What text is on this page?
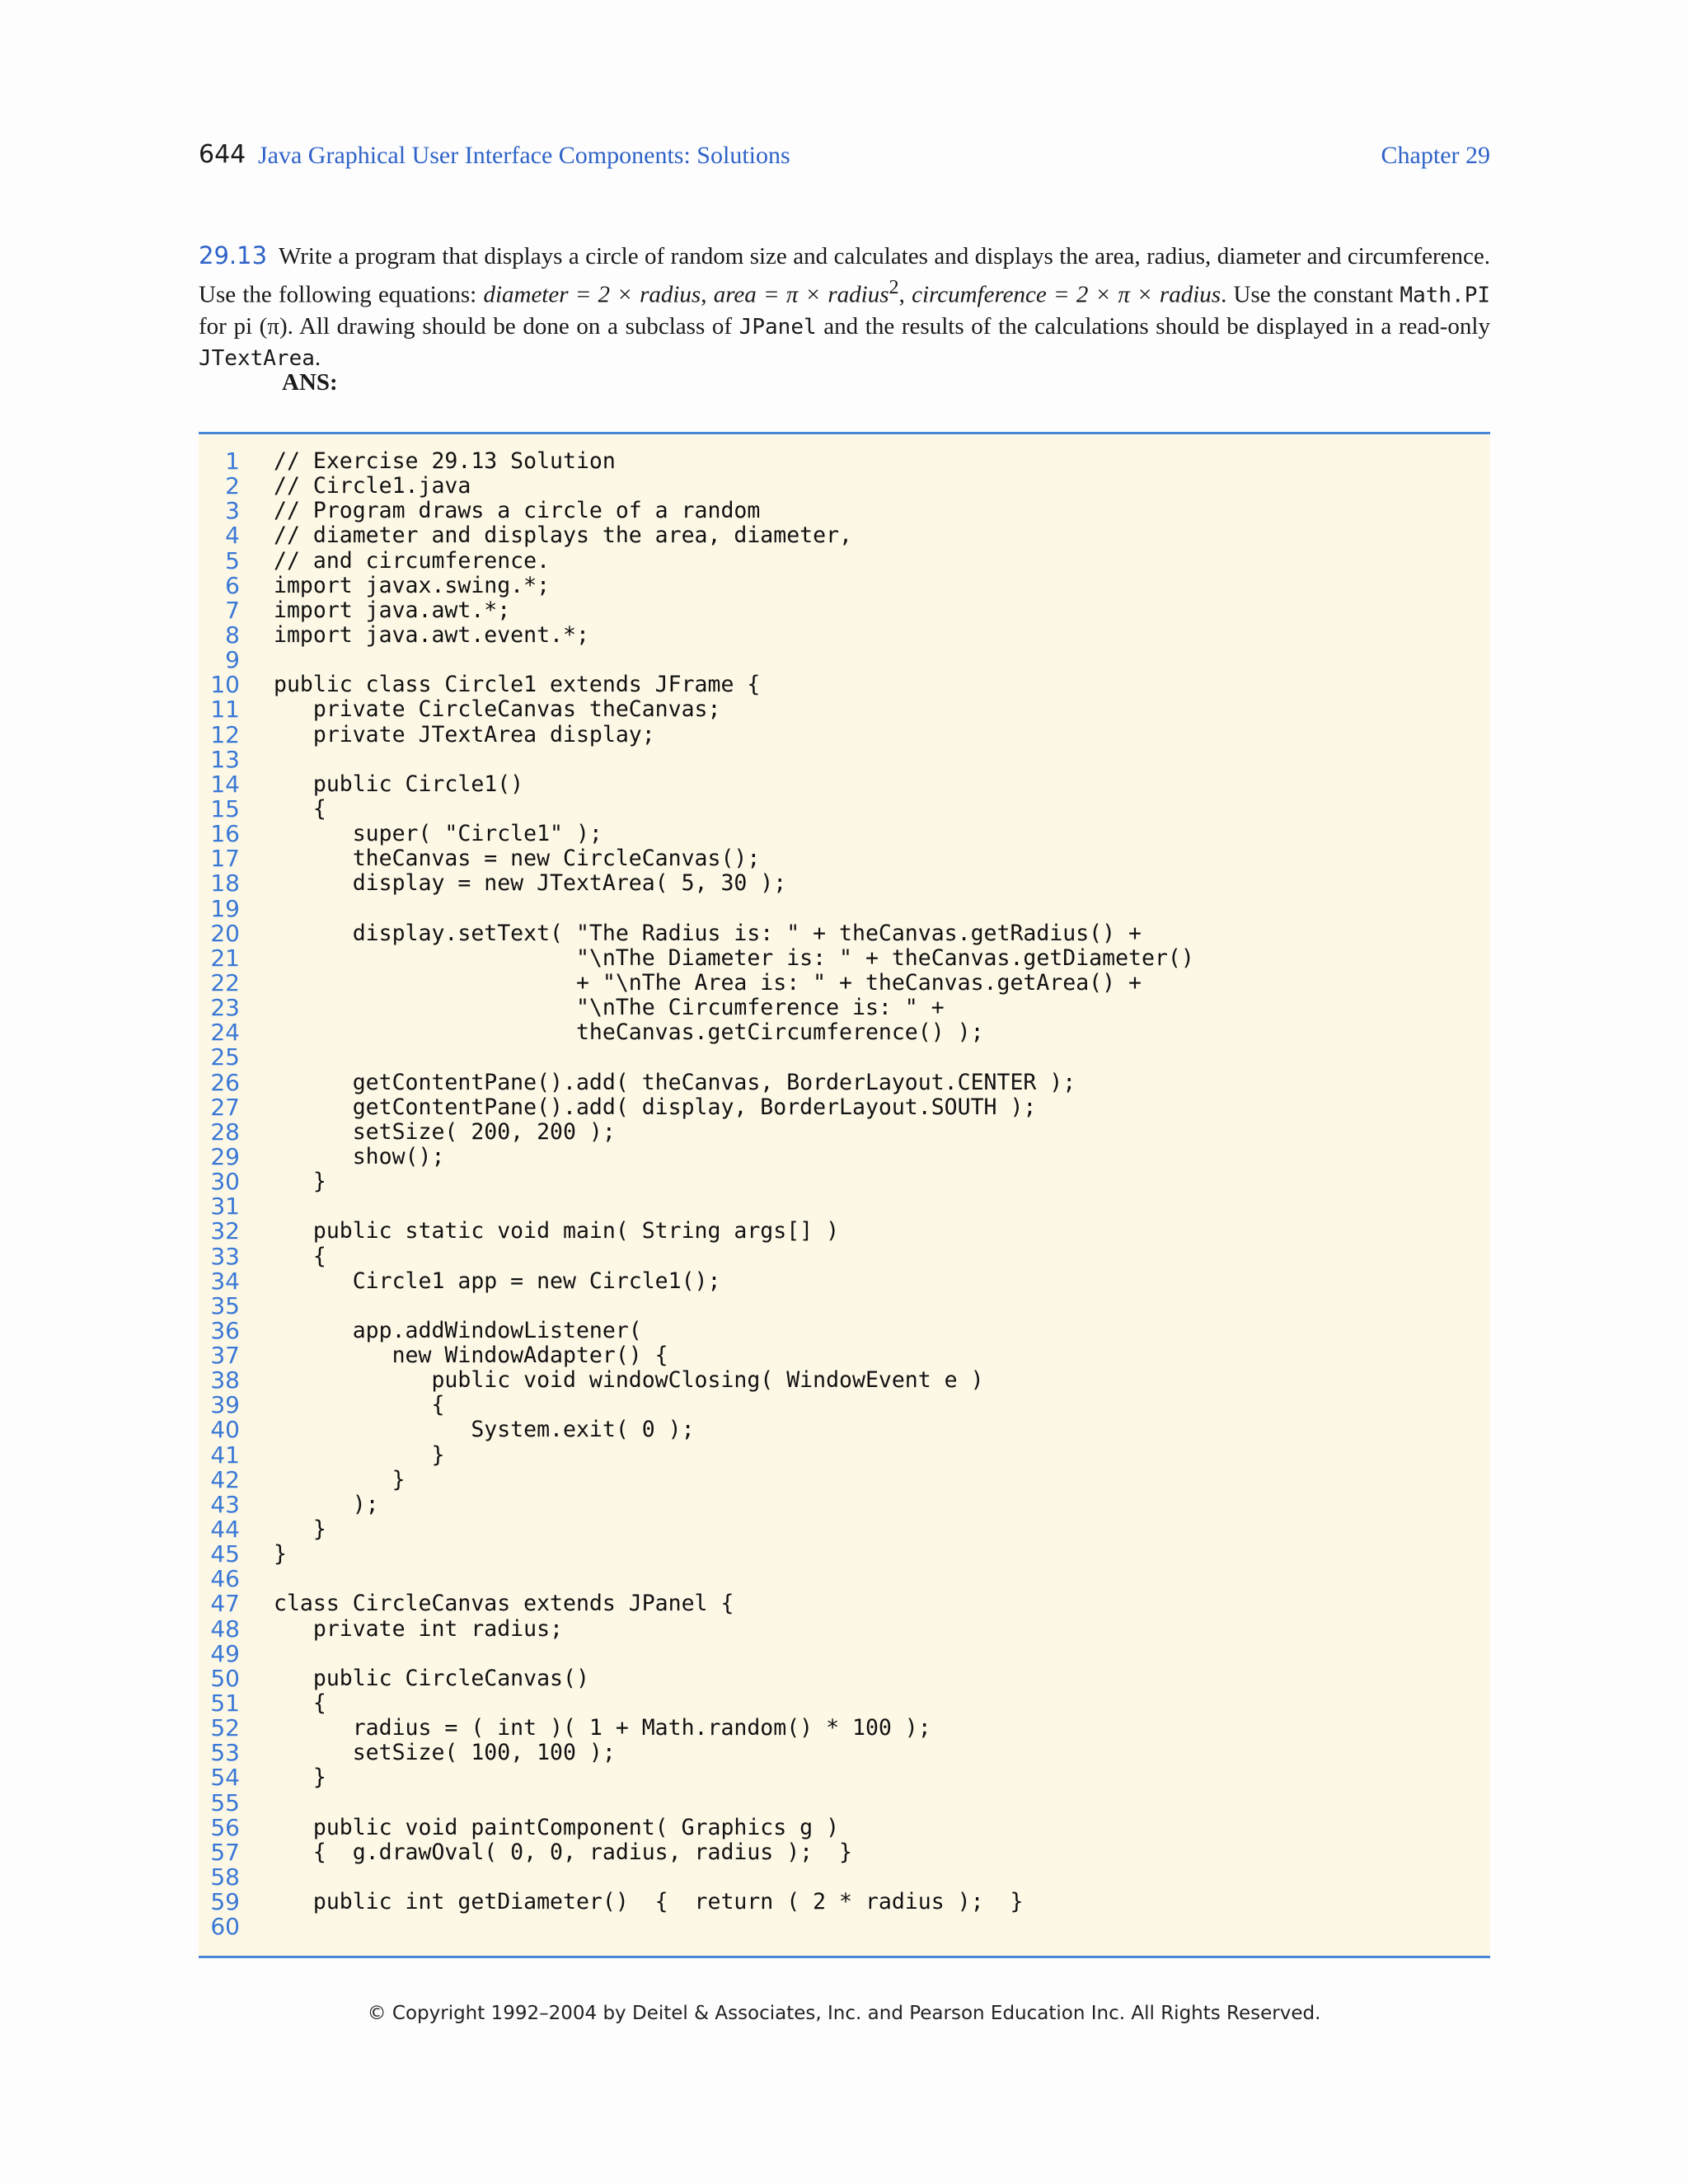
644 Java Graphical User Interface Components: Solutions	Chapter 29
29.13 Write a program that displays a circle of random size and calculates and displays the area, radius, diameter and circumference. Use the following equations: diameter = 2 × radius, area = π × radius$^2$, circumference = 2 × π × radius. Use the constant Math.PI for pi (π). All drawing should be done on a subclass of JPanel and the results of the calculations should be displayed in a read-only JTextArea.
ANS:
1 // Exercise 29.13 Solution
2 // Circle1.java
3 // Program draws a circle of a random
4 // diameter and displays the area, diameter,
5 // and circumference.
6 import javax.swing.*;
7 import java.awt.*;
8 import java.awt.event.*;
9
10 public class Circle1 extends JFrame {
11 private CircleCanvas theCanvas;
12 private JTextArea display;
13
14 public Circle1()
15 {
16 super( "Circle1" );
17 theCanvas = new CircleCanvas();
18 display = new JTextArea( 5, 30 );
19
20 display.setText( "The Radius is: " + theCanvas.getRadius() +
21 "\nThe Diameter is: " + theCanvas.getDiameter()
22 + "\nThe Area is: " + theCanvas.getArea() +
23 "\nThe Circumference is: " +
24 theCanvas.getCircumference() );
25
26 getContentPane().add( theCanvas, BorderLayout.CENTER );
27 getContentPane().add( display, BorderLayout.SOUTH );
28 setSize( 200, 200 );
29 show();
30 }
31
32 public static void main( String args[] )
33 {
34 Circle1 app = new Circle1();
35
36 app.addWindowListener(
37 new WindowAdapter() {
38 public void windowClosing( WindowEvent e )
39 {
40 System.exit( 0 );
41 }
42 }
43 );
44 }
45 }
46
47 class CircleCanvas extends JPanel {
48 private int radius;
49
50 public CircleCanvas()
51 {
52 radius = ( int )( 1 + Math.random() * 100 );
53 setSize( 100, 100 );
54 }
55
56 public void paintComponent( Graphics g )
57 {  g.drawOval( 0, 0, radius, radius );  }
58
59 public int getDiameter()  {  return ( 2 * radius );  }
60
© Copyright 1992–2004 by Deitel & Associates, Inc. and Pearson Education Inc. All Rights Reserved.
